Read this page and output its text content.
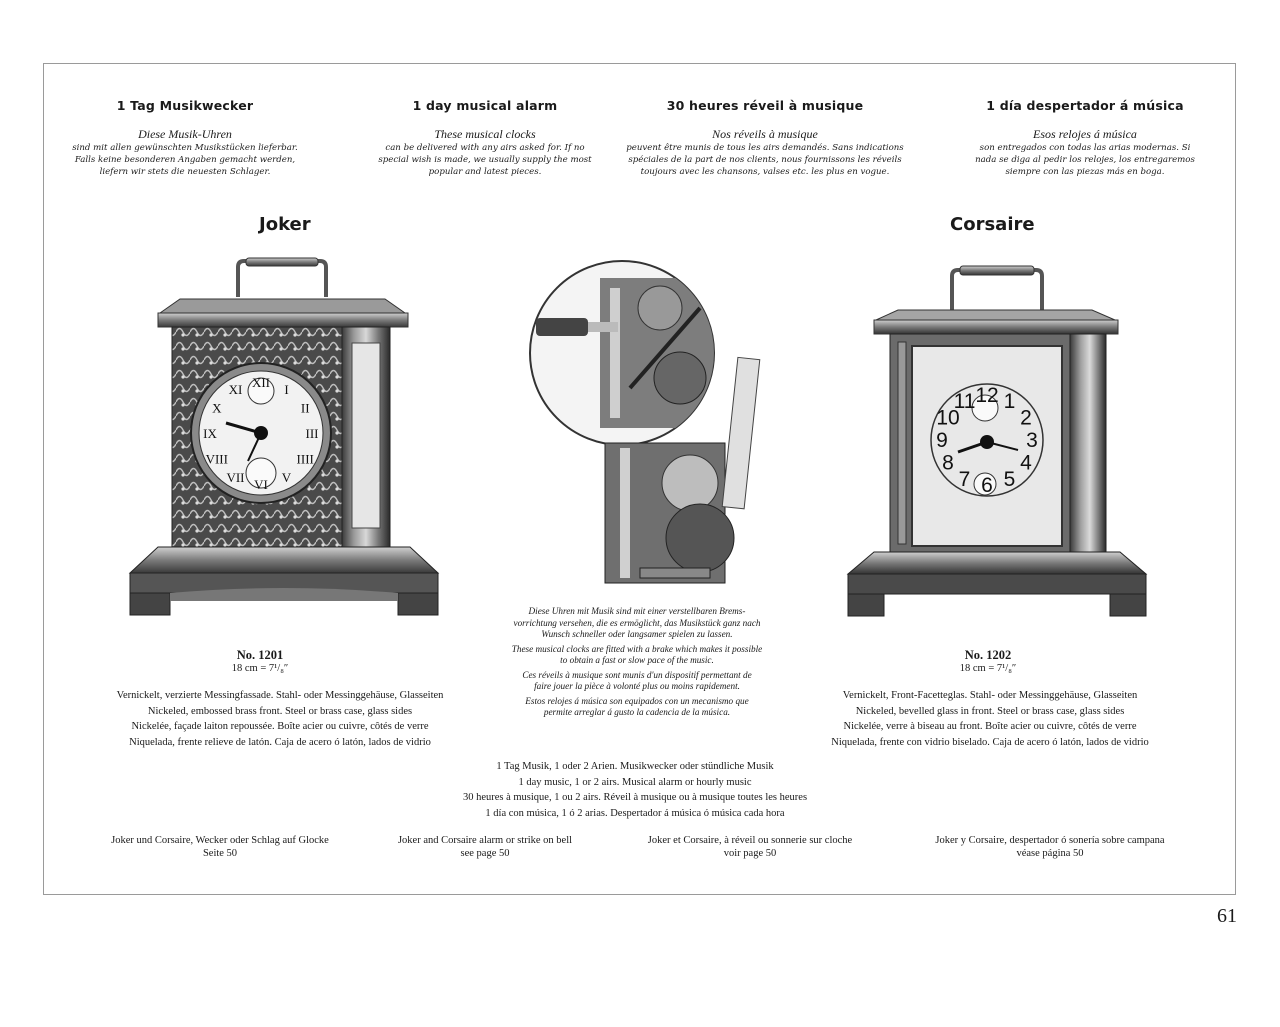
1 Tag Musikwecker
Diese Musik-Uhren
sind mit allen gewünschten Musikstücken lieferbar.
Falls keine besonderen Angaben gemacht werden,
liefern wir stets die neuesten Schlager.
1 day musical alarm
These musical clocks
can be delivered with any airs asked for. If no
special wish is made, we usually supply the most
popular and latest pieces.
30 heures réveil à musique
Nos réveils à musique
peuvent être munis de tous les airs demandés. Sans indications
spéciales de la part de nos clients, nous fournissons les réveils
toujours avec les chansons, valses etc. les plus en vogue.
1 día despertador á música
Esos relojes á música
son entregados con todas las arias modernas. Si
nada se diga al pedir los relojes, los entregaremos
siempre con las piezas más en boga.
Joker	Corsaire
XII I
II
III
IIII
V
VI
VII
VIII
IX
X
XI	12 1
2
3
4
5
6
7
8
9
10
11
No. 1201
18 cm = 7¹/₈″
No. 1202
18 cm = 7¹/₈″
Vernickelt, verzierte Messingfassade. Stahl- oder Messinggehäuse, Glasseiten
Nickeled, embossed brass front. Steel or brass case, glass sides
Nickelée, façade laiton repoussée. Boîte acier ou cuivre, côtés de verre
Niquelada, frente relieve de latón. Caja de acero ó latón, lados de vidrio
Vernickelt, Front-Facetteglas. Stahl- oder Messinggehäuse, Glasseiten
Nickeled, bevelled glass in front. Steel or brass case, glass sides
Nickelée, verre à biseau au front. Boîte acier ou cuivre, côtés de verre
Niquelada, frente con vidrio biselado. Caja de acero ó latón, lados de vidrio
Diese Uhren mit Musik sind mit einer verstellbaren Brems-
vorrichtung versehen, die es ermöglicht, das Musikstück ganz nach
Wunsch schneller oder langsamer spielen zu lassen.
These musical clocks are fitted with a brake which makes it possible
to obtain a fast or slow pace of the music.
Ces réveils à musique sont munis d'un dispositif permettant de
faire jouer la pièce à volonté plus ou moins rapidement.
Estos relojes á música son equipados con un mecanismo que
permite arreglar á gusto la cadencia de la música.
1 Tag Musik, 1 oder 2 Arien. Musikwecker oder stündliche Musik
1 day music, 1 or 2 airs. Musical alarm or hourly music
30 heures à musique, 1 ou 2 airs. Réveil à musique ou à musique toutes les heures
1 día con música, 1 ó 2 arias. Despertador á música ó música cada hora
Joker und Corsaire, Wecker oder Schlag auf Glocke
Seite 50
Joker and Corsaire alarm or strike on bell
see page 50
Joker et Corsaire, à réveil ou sonnerie sur cloche
voir page 50
Joker y Corsaire, despertador ó sonería sobre campana
véase página 50
61
